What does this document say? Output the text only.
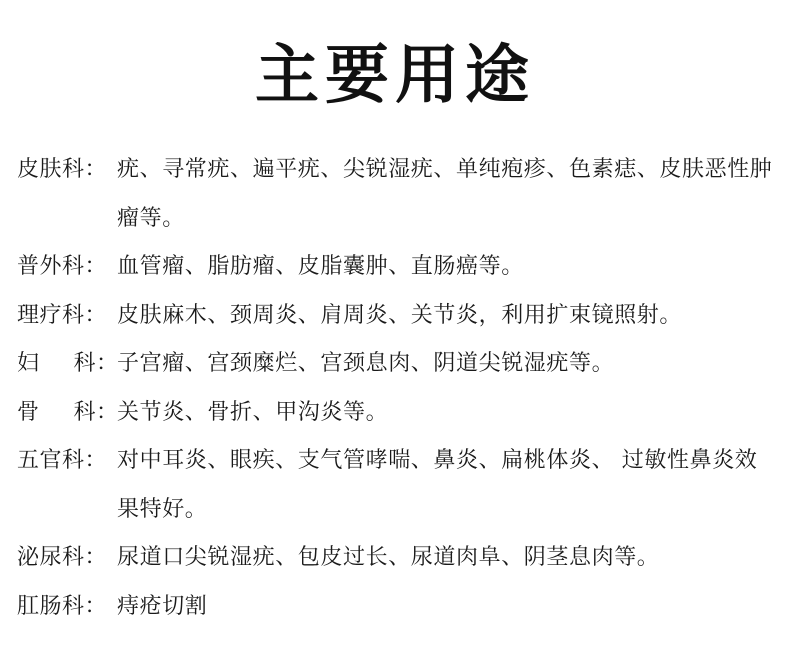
主要用途
皮肤科： 疣、寻常疣、遍平疣、尖锐湿疣、单纯疱疹、色素痣、皮肤恶性肿瘤等。
普外科： 血管瘤、脂肪瘤、皮脂囊肿、直肠癌等。
理疗科： 皮肤麻木、颈周炎、肩周炎、关节炎，利用扩束镜照射。
妇 科：
子宫瘤、宫颈糜烂、宫颈息肉、阴道尖锐湿疣等。
骨 科：
关节炎、骨折、甲沟炎等。
五官科： 对中耳炎、眼疾、支气管哮喘、鼻炎、扁桃体炎、 过敏性鼻炎效果特好。
泌尿科： 尿道口尖锐湿疣、包皮过长、尿道肉阜、阴茎息肉等。
肛肠科： 痔疮切割
